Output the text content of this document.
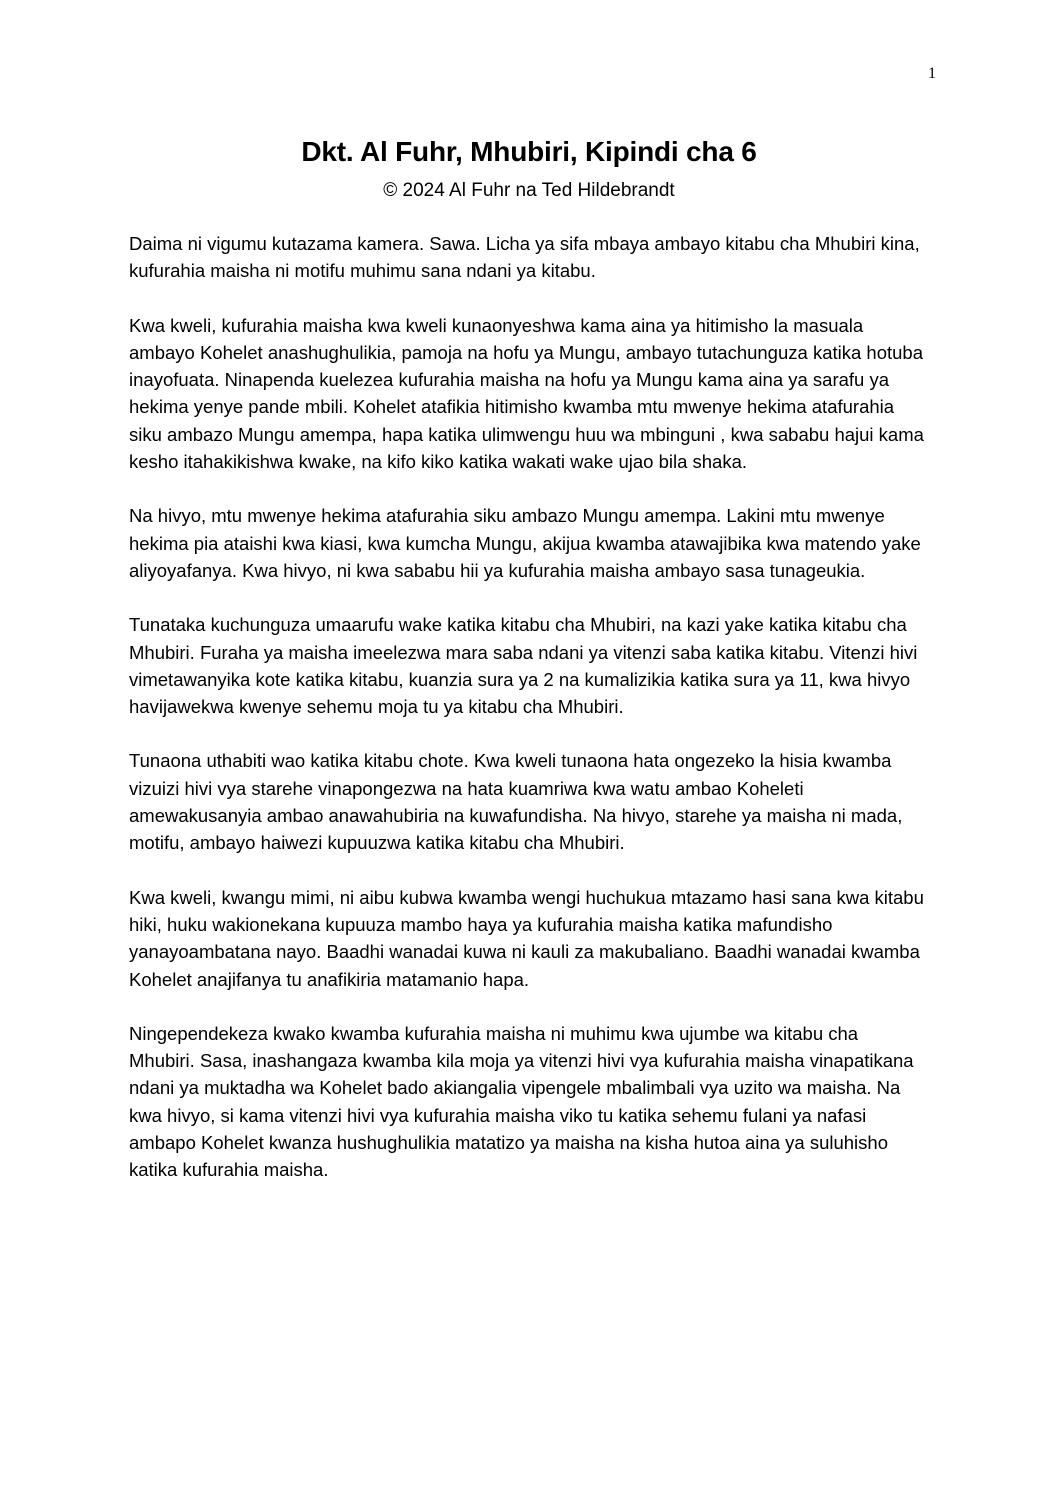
1
Dkt. Al Fuhr, Mhubiri, Kipindi cha 6
© 2024 Al Fuhr na Ted Hildebrandt

Daima ni vigumu kutazama kamera. Sawa. Licha ya sifa mbaya ambayo kitabu cha Mhubiri kina, kufurahia maisha ni motifu muhimu sana ndani ya kitabu.

Kwa kweli, kufurahia maisha kwa kweli kunaonyeshwa kama aina ya hitimisho la masuala ambayo Kohelet anashughulikia, pamoja na hofu ya Mungu, ambayo tutachunguza katika hotuba inayofuata. Ninapenda kuelezea kufurahia maisha na hofu ya Mungu kama aina ya sarafu ya hekima yenye pande mbili. Kohelet atafikia hitimisho kwamba mtu mwenye hekima atafurahia siku ambazo Mungu amempa, hapa katika ulimwengu huu wa mbinguni , kwa sababu hajui kama kesho itahakikishwa kwake, na kifo kiko katika wakati wake ujao bila shaka.

Na hivyo, mtu mwenye hekima atafurahia siku ambazo Mungu amempa. Lakini mtu mwenye hekima pia ataishi kwa kiasi, kwa kumcha Mungu, akijua kwamba atawajibika kwa matendo yake aliyoyafanya. Kwa hivyo, ni kwa sababu hii ya kufurahia maisha ambayo sasa tunageukia.

Tunataka kuchunguza umaarufu wake katika kitabu cha Mhubiri, na kazi yake katika kitabu cha Mhubiri. Furaha ya maisha imeelezwa mara saba ndani ya vitenzi saba katika kitabu. Vitenzi hivi vimetawanyika kote katika kitabu, kuanzia sura ya 2 na kumalizikia katika sura ya 11, kwa hivyo havijawekwa kwenye sehemu moja tu ya kitabu cha Mhubiri.

Tunaona uthabiti wao katika kitabu chote. Kwa kweli tunaona hata ongezeko la hisia kwamba vizuizi hivi vya starehe vinapongezwa na hata kuamriwa kwa watu ambao Koheleti amewakusanyia ambao anawahubiria na kuwafundisha. Na hivyo, starehe ya maisha ni mada, motifu, ambayo haiwezi kupuuzwa katika kitabu cha Mhubiri.

Kwa kweli, kwangu mimi, ni aibu kubwa kwamba wengi huchukua mtazamo hasi sana kwa kitabu hiki, huku wakionekana kupuuza mambo haya ya kufurahia maisha katika mafundisho yanayoambatana nayo. Baadhi wanadai kuwa ni kauli za makubaliano. Baadhi wanadai kwamba Kohelet anajifanya tu anafikiria matamanio hapa.

Ningependekeza kwako kwamba kufurahia maisha ni muhimu kwa ujumbe wa kitabu cha Mhubiri. Sasa, inashangaza kwamba kila moja ya vitenzi hivi vya kufurahia maisha vinapatikana ndani ya muktadha wa Kohelet bado akiangalia vipengele mbalimbali vya uzito wa maisha. Na kwa hivyo, si kama vitenzi hivi vya kufurahia maisha viko tu katika sehemu fulani ya nafasi ambapo Kohelet kwanza hushughulikia matatizo ya maisha na kisha hutoa aina ya suluhisho katika kufurahia maisha.
